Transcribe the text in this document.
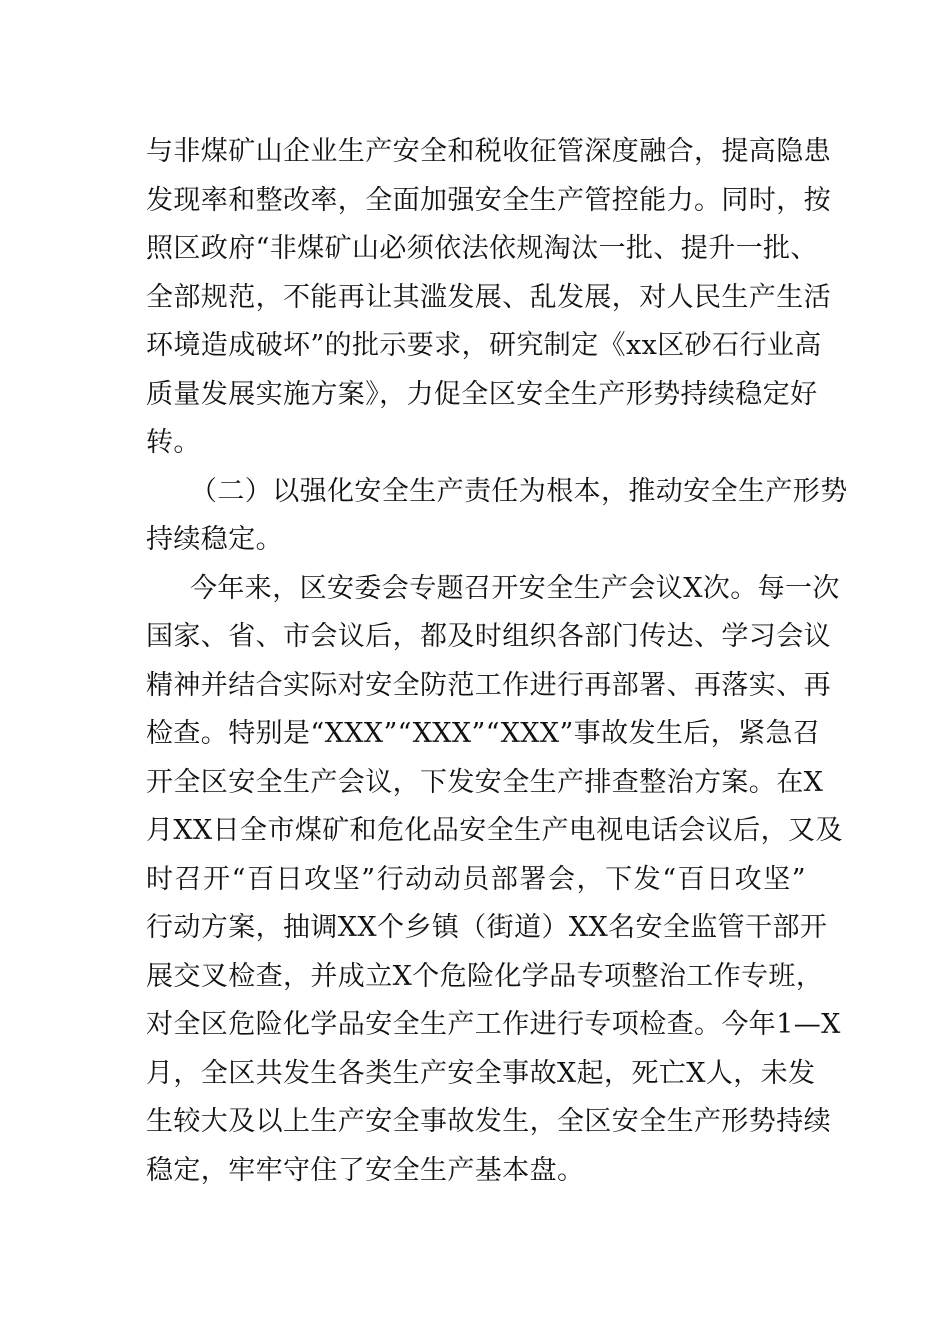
与非煤矿山企业生产安全和税收征管深度融合，提高隐患
发现率和整改率，全面加强安全生产管控能力。同时，按
照区政府“非煤矿山必须依法依规淘汰一批、提升一批、
全部规范，不能再让其滥发展、乱发展，对人民生产生活
环境造成破坏”的批示要求，研究制定《xx区砂石行业高
质量发展实施方案》，力促全区安全生产形势持续稳定好
转。
（二）以强化安全生产责任为根本，推动安全生产形势
持续稳定。
今年来，区安委会专题召开安全生产会议X次。每一次
国家、省、市会议后，都及时组织各部门传达、学习会议
精神并结合实际对安全防范工作进行再部署、再落实、再
检查。特别是“XXX”“XXX”“XXX”事故发生后，紧急召
开全区安全生产会议，下发安全生产排查整治方案。在X
月XX日全市煤矿和危化品安全生产电视电话会议后，又及
时召开“百日攻坚”行动动员部署会，下发“百日攻坚”
行动方案，抽调XX个乡镇（街道）XX名安全监管干部开
展交叉检查，并成立X个危险化学品专项整治工作专班，
对全区危险化学品安全生产工作进行专项检查。今年1—X
月，全区共发生各类生产安全事故X起，死亡X人，未发
生较大及以上生产安全事故发生，全区安全生产形势持续
稳定，牢牢守住了安全生产基本盘。
